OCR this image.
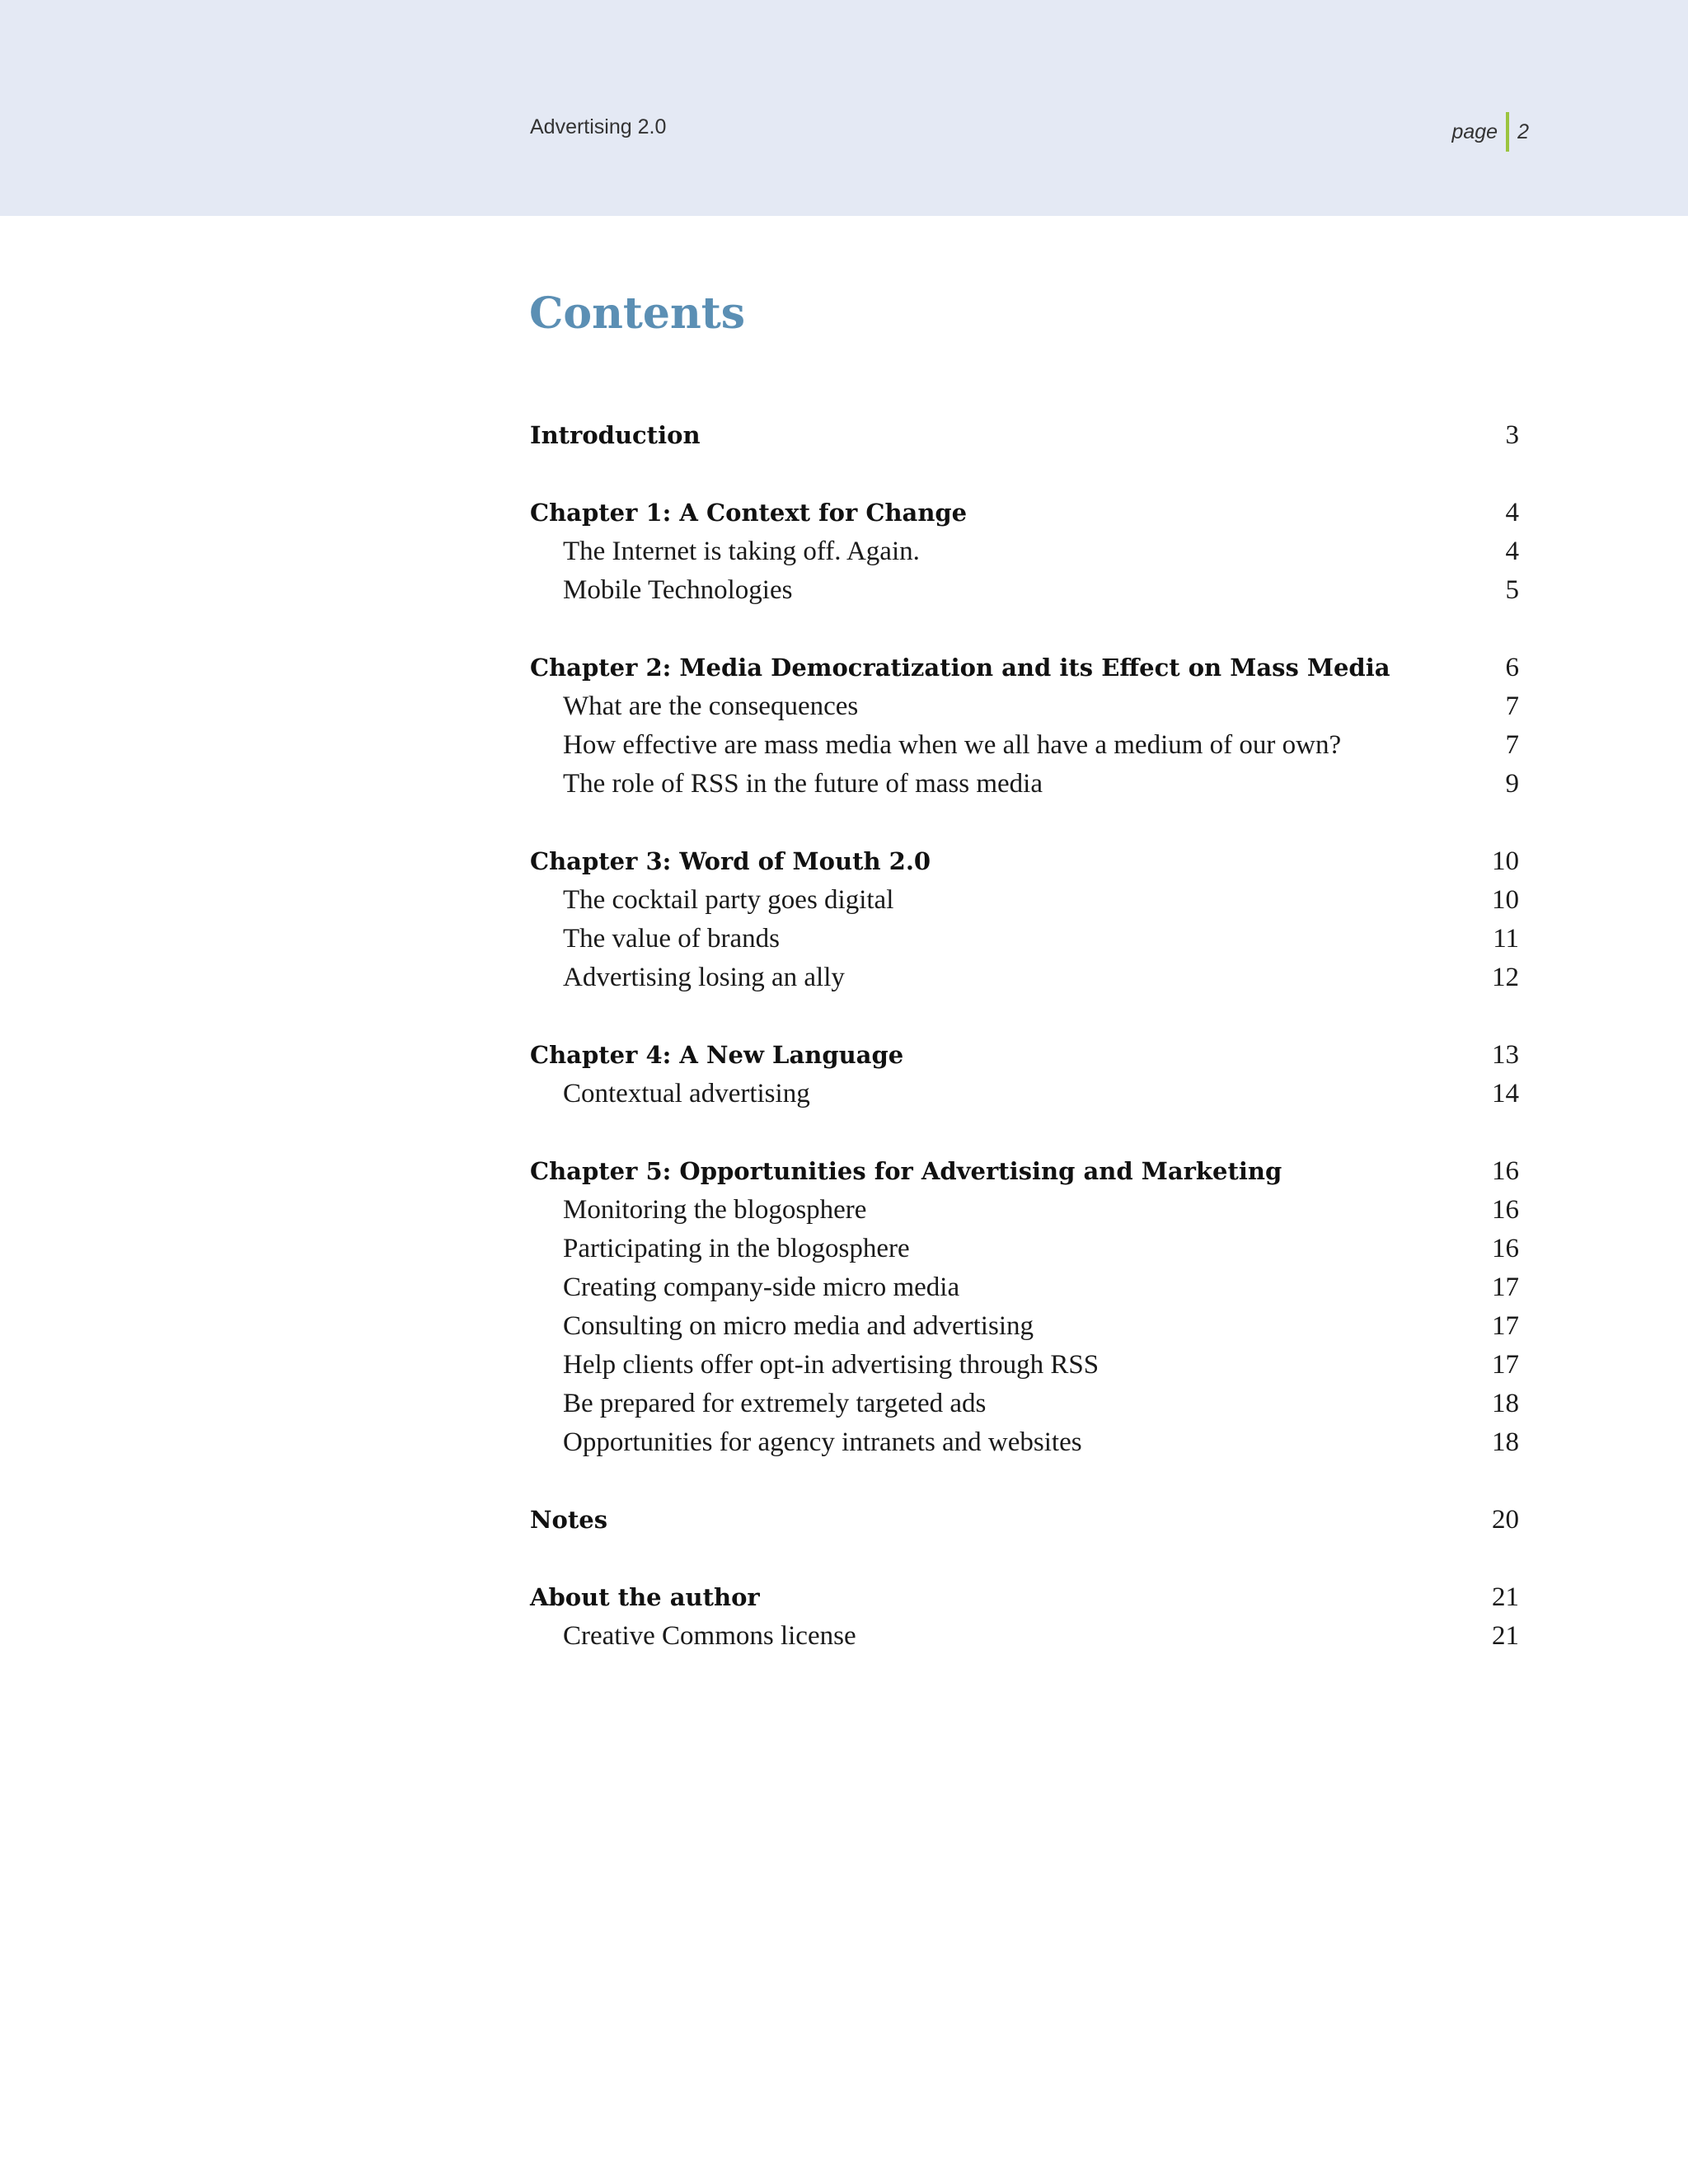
Advertising 2.0	page 2
Contents
Introduction	3
Chapter 1: A Context for Change	4
The Internet is taking off. Again.	4
Mobile Technologies	5
Chapter 2: Media Democratization and its Effect on Mass Media	6
What are the consequences	7
How effective are mass media when we all have a medium of our own?	7
The role of RSS in the future of mass media	9
Chapter 3: Word of Mouth 2.0	10
The cocktail party goes digital	10
The value of brands	11
Advertising losing an ally	12
Chapter 4: A New Language	13
Contextual advertising	14
Chapter 5: Opportunities for Advertising and Marketing	16
Monitoring the blogosphere	16
Participating in the blogosphere	16
Creating company-side micro media	17
Consulting on micro media and advertising	17
Help clients offer opt-in advertising through RSS	17
Be prepared for extremely targeted ads	18
Opportunities for agency intranets and websites	18
Notes	20
About the author	21
Creative Commons license	21
